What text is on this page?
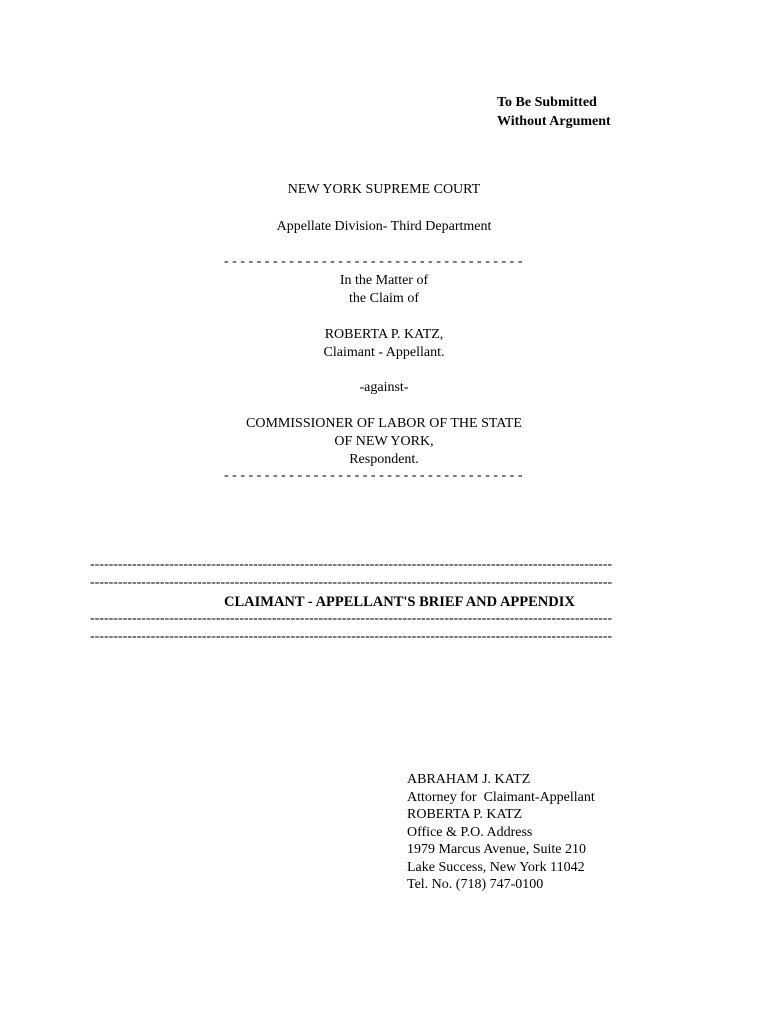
To Be Submitted
Without Argument
NEW YORK SUPREME COURT
Appellate Division- Third Department
- - - - - - - - - - - - - - - - - - - - - - - - - - - - - - - - - - - - -
In the Matter of
the Claim of
ROBERTA P. KATZ,
Claimant - Appellant.
-against-
COMMISSIONER OF LABOR OF THE STATE
OF NEW YORK,
Respondent.
- - - - - - - - - - - - - - - - - - - - - - - - - - - - - - - - - - - - -
----------------------------------------------------------------------------------------------------------------
----------------------------------------------------------------------------------------------------------------
CLAIMANT - APPELLANT'S BRIEF AND APPENDIX
----------------------------------------------------------------------------------------------------------------
----------------------------------------------------------------------------------------------------------------
ABRAHAM J. KATZ
Attorney for  Claimant-Appellant
ROBERTA P. KATZ
Office & P.O. Address
1979 Marcus Avenue, Suite 210
Lake Success, New York 11042
Tel. No. (718) 747-0100
